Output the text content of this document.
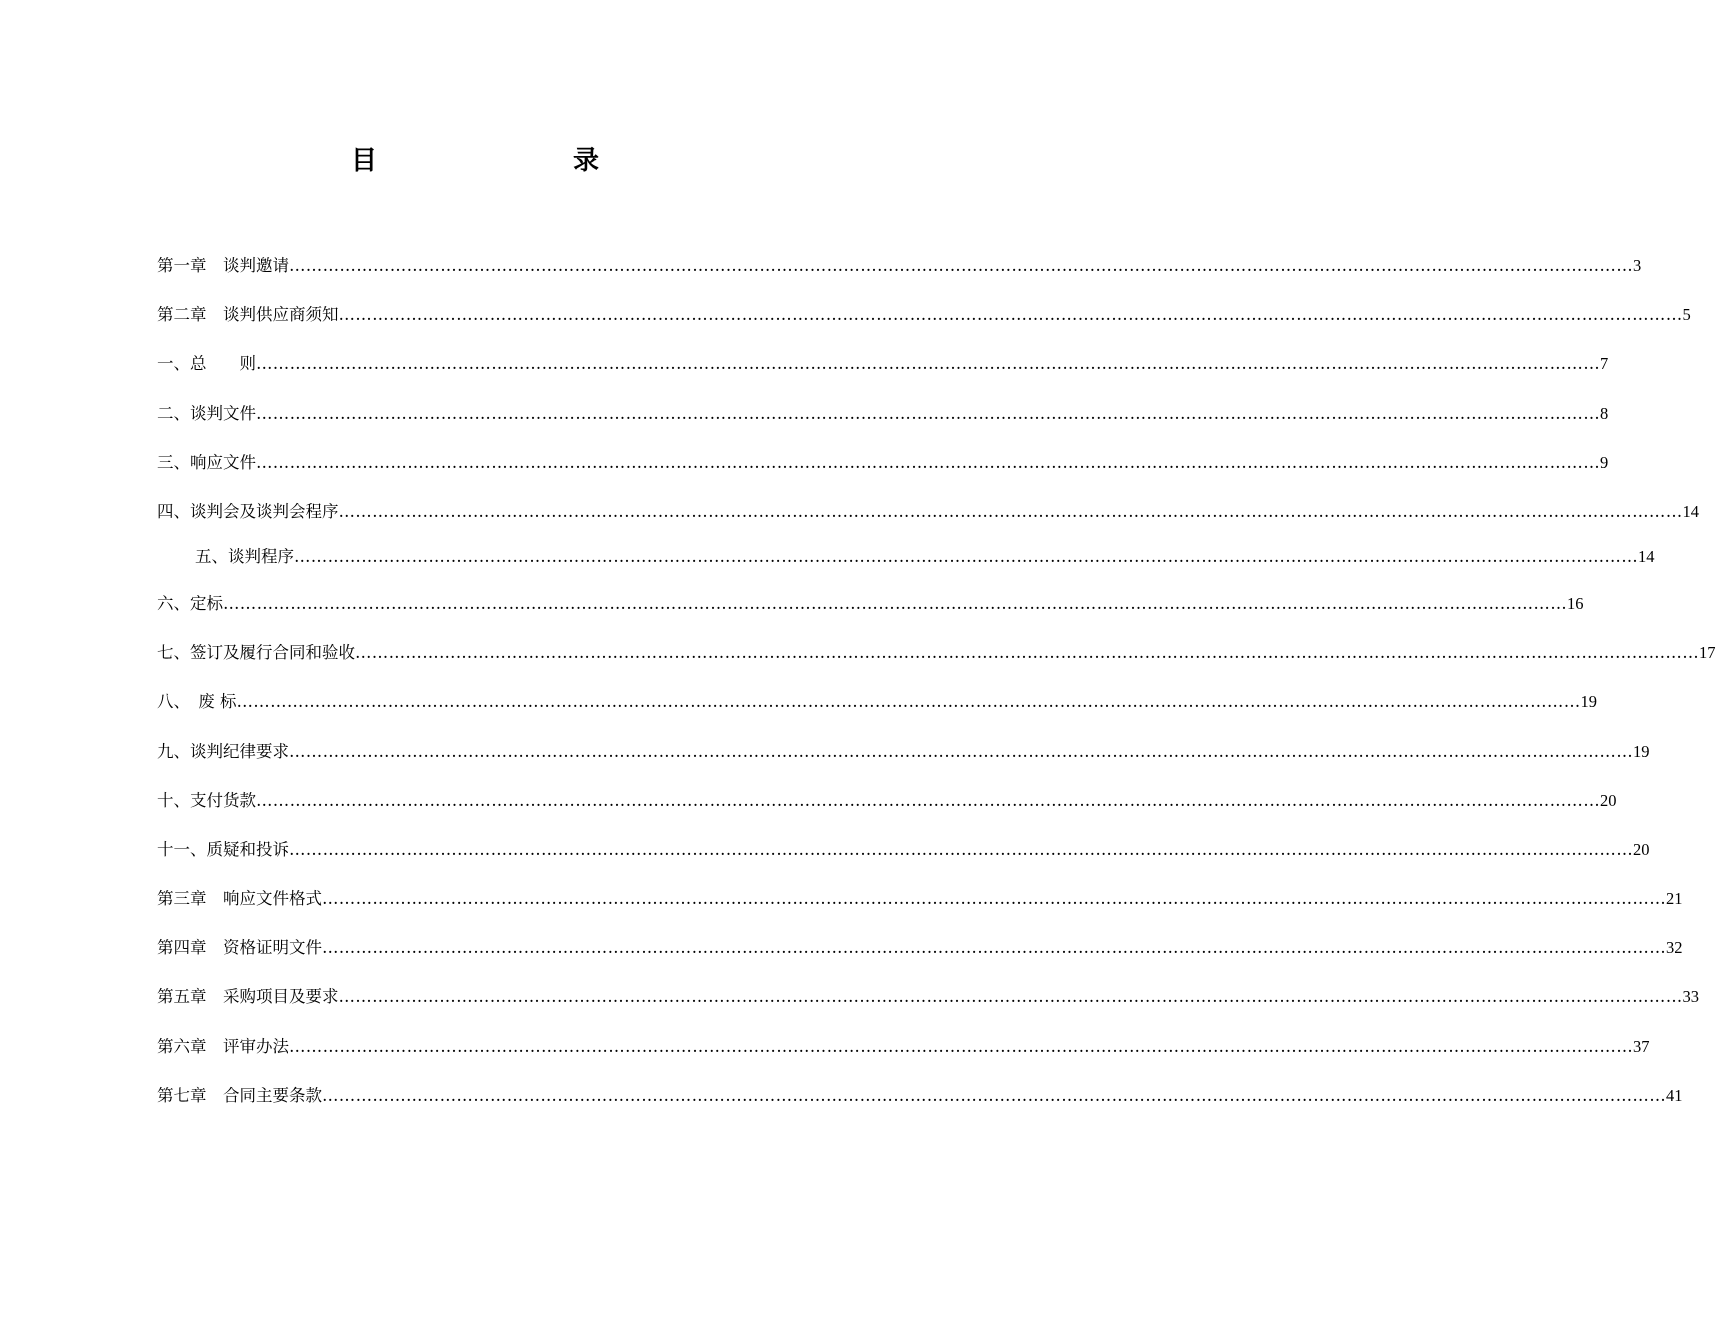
目　　录
第一章　谈判邀请 …………………………………………………………………………………………………………………………………………………………………………………………………………………… 3
第二章　谈判供应商须知 …………………………………………………………………………………………………………………………………………………………………………………………………………………… 5
一、总　　则 …………………………………………………………………………………………………………………………………………………………………………………………………………………… 7
二、谈判文件 …………………………………………………………………………………………………………………………………………………………………………………………………………………… 8
三、响应文件 …………………………………………………………………………………………………………………………………………………………………………………………………………………… 9
四、谈判会及谈判会程序 …………………………………………………………………………………………………………………………………………………………………………………………………………………… 14
五、谈判程序 …………………………………………………………………………………………………………………………………………………………………………………………………………………… 14
六、定标 …………………………………………………………………………………………………………………………………………………………………………………………………………………… 16
七、签订及履行合同和验收 …………………………………………………………………………………………………………………………………………………………………………………………………………………… 17
八、　废 标 …………………………………………………………………………………………………………………………………………………………………………………………………………………… 19
九、谈判纪律要求 …………………………………………………………………………………………………………………………………………………………………………………………………………………… 19
十、支付货款 …………………………………………………………………………………………………………………………………………………………………………………………………………………… 20
十一、质疑和投诉 …………………………………………………………………………………………………………………………………………………………………………………………………………………… 20
第三章　响应文件格式 …………………………………………………………………………………………………………………………………………………………………………………………………………………… 21
第四章　资格证明文件 …………………………………………………………………………………………………………………………………………………………………………………………………………………… 32
第五章　采购项目及要求 …………………………………………………………………………………………………………………………………………………………………………………………………………………… 33
第六章　评审办法 …………………………………………………………………………………………………………………………………………………………………………………………………………………… 37
第七章　合同主要条款 …………………………………………………………………………………………………………………………………………………………………………………………………………………… 41
